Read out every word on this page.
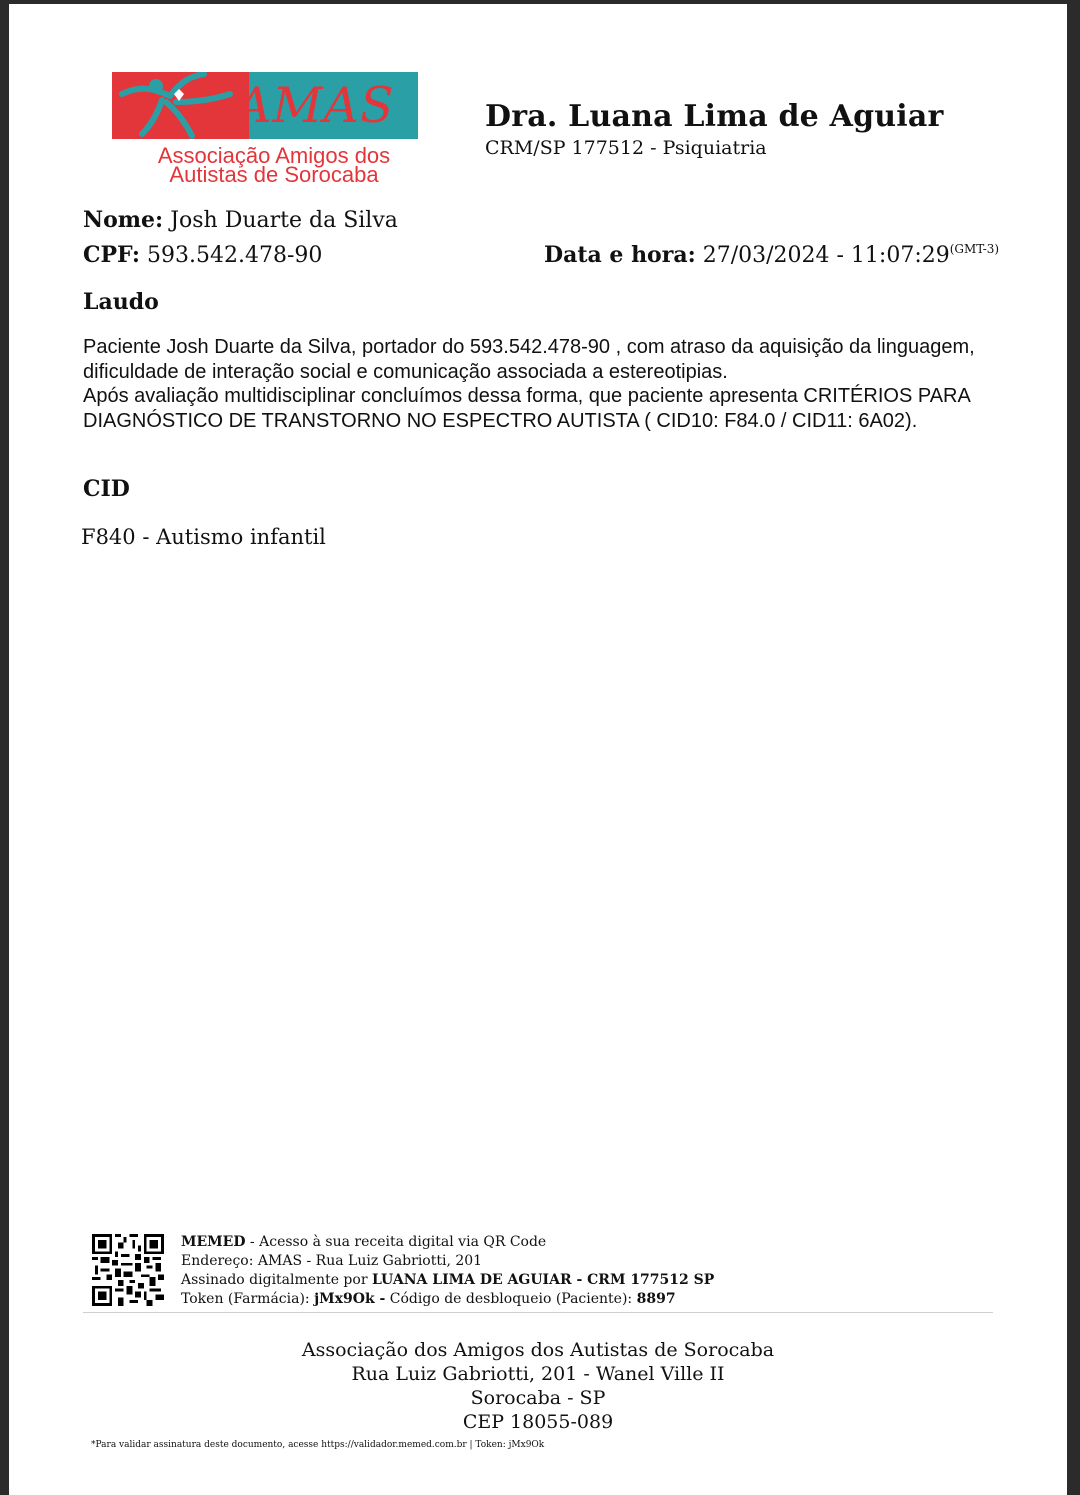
AMAS
Associação Amigos dos
Autistas de Sorocaba
Dra. Luana Lima de Aguiar
CRM/SP 177512 - Psiquiatria
Nome: Josh Duarte da Silva
CPF: 593.542.478-90	Data e hora: $27/03/2024 - 11:07:29^{(GMT-3)}$
Laudo

Paciente Josh Duarte da Silva, portador do 593.542.478-90 , com atraso da aquisição da linguagem, dificuldade de interação social e comunicação associada a estereotipias.

Após avaliação multidisciplinar concluímos dessa forma, que paciente apresenta CRITÉRIOS PARA DIAGNÓSTICO DE TRANSTORNO NO ESPECTRO AUTISTA ( CID10: F84.0 / CID11: 6A02).

CID
F840 - Autismo infantil
MEMED - Acesso à sua receita digital via QR Code
Endereço: AMAS - Rua Luiz Gabriotti, 201
Assinado digitalmente por LUANA LIMA DE AGUIAR - CRM 177512 SP
Token (Farmácia): jMx9Ok - Código de desbloqueio (Paciente): 8897
Associação dos Amigos dos Autistas de Sorocaba
Rua Luiz Gabriotti, 201 - Wanel Ville II
Sorocaba - SP
CEP 18055-089
*Para validar assinatura deste documento, acesse https://validador.memed.com.br | Token: jMx9Ok
